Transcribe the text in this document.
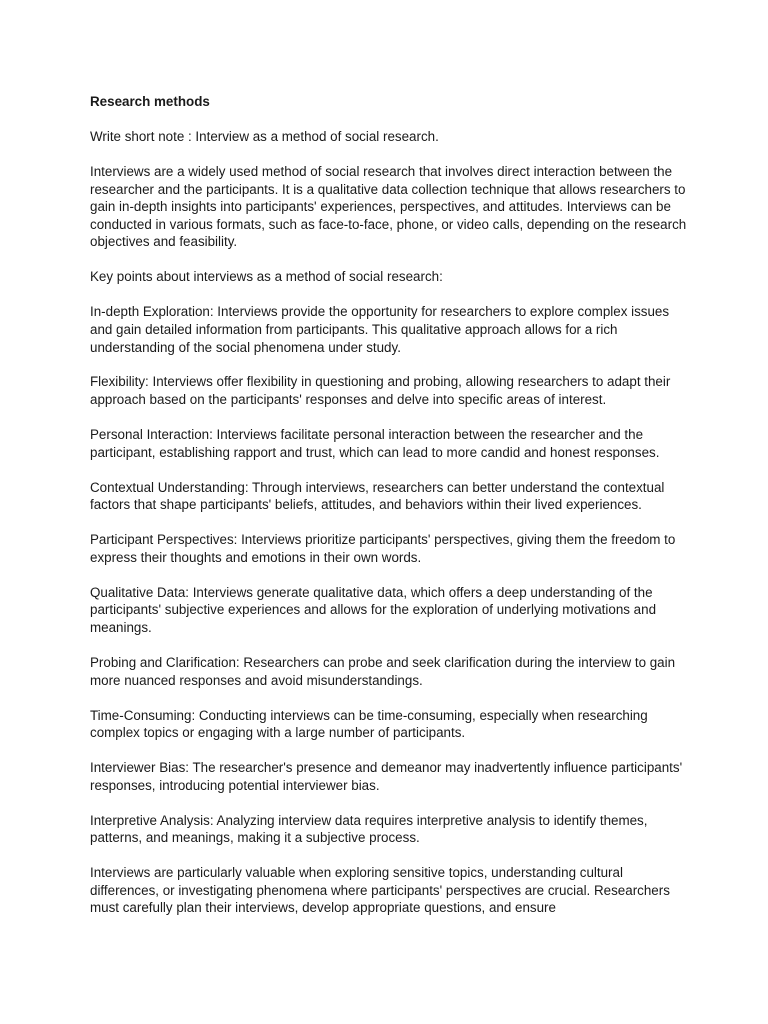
Research methods
Write short note : Interview as a method of social research.
Interviews are a widely used method of social research that involves direct interaction between the researcher and the participants. It is a qualitative data collection technique that allows researchers to gain in-depth insights into participants' experiences, perspectives, and attitudes. Interviews can be conducted in various formats, such as face-to-face, phone, or video calls, depending on the research objectives and feasibility.
Key points about interviews as a method of social research:
In-depth Exploration: Interviews provide the opportunity for researchers to explore complex issues and gain detailed information from participants. This qualitative approach allows for a rich understanding of the social phenomena under study.
Flexibility: Interviews offer flexibility in questioning and probing, allowing researchers to adapt their approach based on the participants' responses and delve into specific areas of interest.
Personal Interaction: Interviews facilitate personal interaction between the researcher and the participant, establishing rapport and trust, which can lead to more candid and honest responses.
Contextual Understanding: Through interviews, researchers can better understand the contextual factors that shape participants' beliefs, attitudes, and behaviors within their lived experiences.
Participant Perspectives: Interviews prioritize participants' perspectives, giving them the freedom to express their thoughts and emotions in their own words.
Qualitative Data: Interviews generate qualitative data, which offers a deep understanding of the participants' subjective experiences and allows for the exploration of underlying motivations and meanings.
Probing and Clarification: Researchers can probe and seek clarification during the interview to gain more nuanced responses and avoid misunderstandings.
Time-Consuming: Conducting interviews can be time-consuming, especially when researching complex topics or engaging with a large number of participants.
Interviewer Bias: The researcher's presence and demeanor may inadvertently influence participants' responses, introducing potential interviewer bias.
Interpretive Analysis: Analyzing interview data requires interpretive analysis to identify themes, patterns, and meanings, making it a subjective process.
Interviews are particularly valuable when exploring sensitive topics, understanding cultural differences, or investigating phenomena where participants' perspectives are crucial. Researchers must carefully plan their interviews, develop appropriate questions, and ensure
